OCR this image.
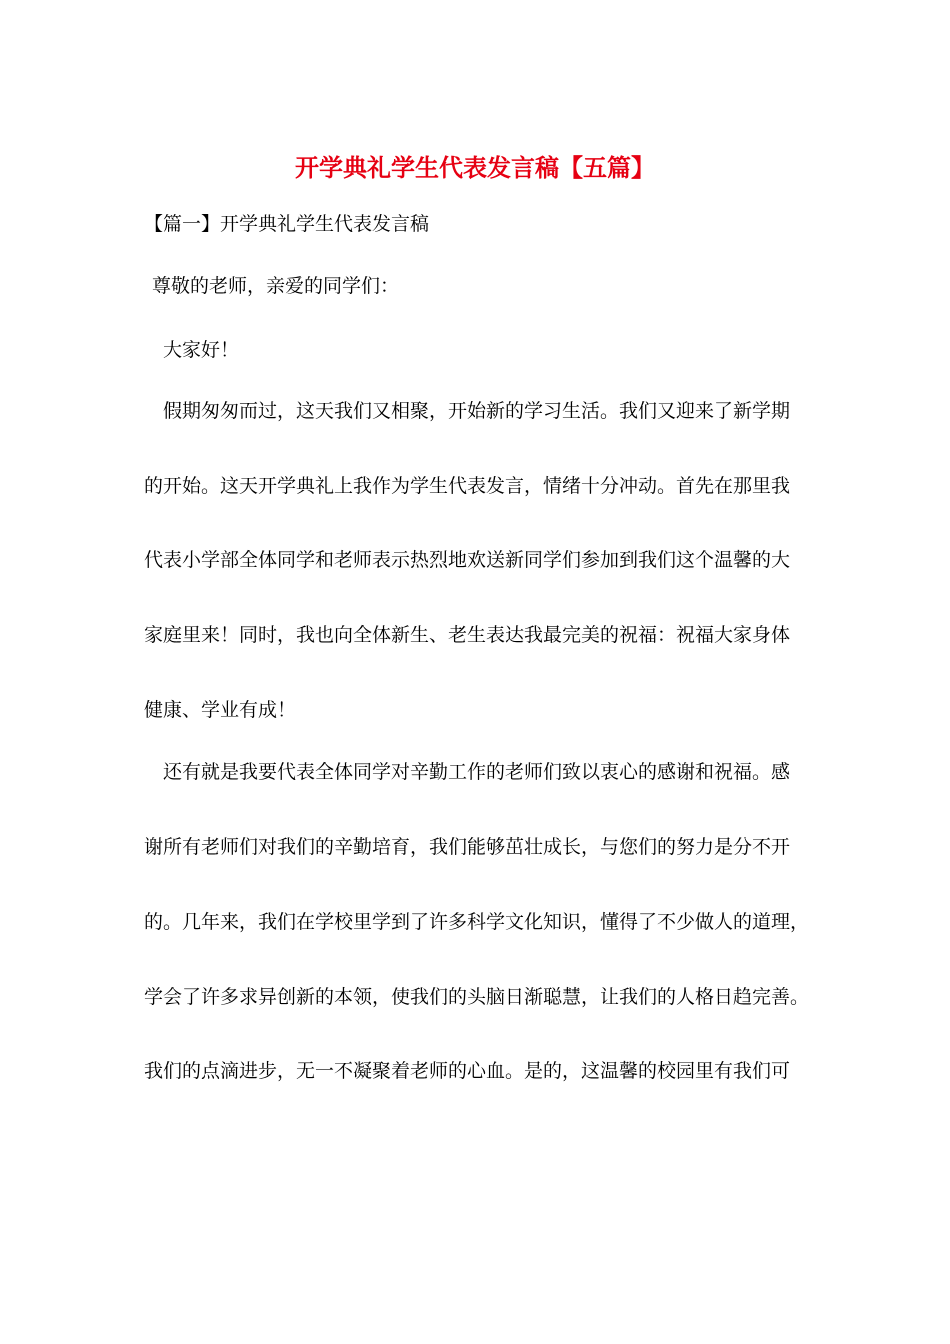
开学典礼学生代表发言稿【五篇】
【篇一】开学典礼学生代表发言稿
尊敬的老师，亲爱的同学们：
大家好！
假期匆匆而过，这天我们又相聚，开始新的学习生活。我们又迎来了新学期
的开始。这天开学典礼上我作为学生代表发言，情绪十分冲动。首先在那里我
代表小学部全体同学和老师表示热烈地欢送新同学们参加到我们这个温馨的大
家庭里来！同时，我也向全体新生、老生表达我最完美的祝福：祝福大家身体
健康、学业有成！
还有就是我要代表全体同学对辛勤工作的老师们致以衷心的感谢和祝福。感
谢所有老师们对我们的辛勤培育，我们能够茁壮成长，与您们的努力是分不开
的。几年来，我们在学校里学到了许多科学文化知识，懂得了不少做人的道理，
学会了许多求异创新的本领，使我们的头脑日渐聪慧，让我们的人格日趋完善。
我们的点滴进步，无一不凝聚着老师的心血。是的，这温馨的校园里有我们可
